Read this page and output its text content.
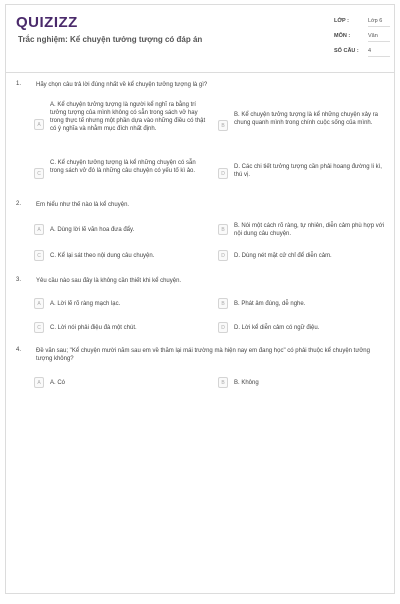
QUIZIZZ
Trắc nghiệm: Kể chuyện tưởng tượng có đáp án
LỚP :	Lớp 6
MÔN :	Văn
SỐ CÂU : 4
1. Hãy chọn câu trả lời đúng nhất về kể chuyện tưởng tượng là gì?
A
A. Kể chuyện tưởng tượng là người kể nghĩ ra bằng trí tưởng tượng của mình không có sẵn trong sách vở hay trong thực tế nhưng một phần dựa vào những điều có thật có ý nghĩa và nhằm mục đích nhất định.	B
B. Kể chuyện tưởng tượng là kể những chuyện xảy ra chung quanh mình trong chính cuộc sống của mình.
C
C. Kể chuyện tưởng tượng là kể những chuyện có sẵn trong sách vở đó là những câu chuyện có yếu tố kì ảo.	D
D. Các chi tiết tưởng tượng cần phải hoang đường li kì, thú vị.
2. Em hiểu như thế nào là kể chuyện.
A	A. Dùng lời lẽ văn hoa đưa đẩy.	B
B. Nói một cách rõ ràng, tự nhiên, diễn cảm phù hợp với nội dung câu chuyện.
C	C. Kể lại sát theo nội dung câu chuyện.	D	D. Dùng nét mặt cử chỉ để diễn cảm.
3. Yêu cầu nào sau đây là không cần thiết khi kể chuyện.
A	A. Lời lẽ rõ ràng mạch lạc.	B	B. Phát âm đúng, dễ nghe.
C	C. Lời nói phải điệu đà một chút.	D	D. Lời kể diễn cảm có ngữ điệu.
4. Đề văn sau; "Kể chuyện mười năm sau em về thăm lại mái trường mà hiện nay em đang học" có phải thuộc kể chuyện tưởng tượng không?
A	A. Có	B	B. Không
